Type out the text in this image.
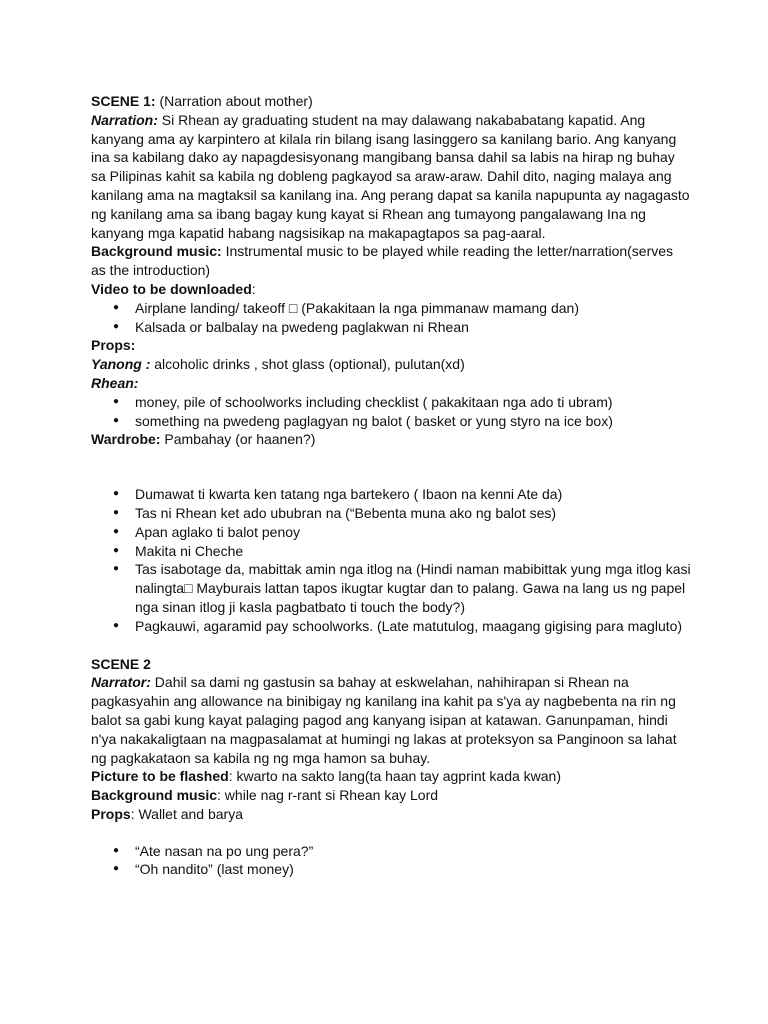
SCENE 1: (Narration about mother)

Narration: Si Rhean ay graduating student na may dalawang nakababatang kapatid. Ang kanyang ama ay karpintero at kilala rin bilang isang lasinggero sa kanilang bario. Ang kanyang ina sa kabilang dako ay napagdesisyonang mangibang bansa dahil sa labis na hirap ng buhay sa Pilipinas kahit sa kabila ng dobleng pagkayod sa araw-araw. Dahil dito, naging malaya ang kanilang ama na magtaksil sa kanilang ina. Ang perang dapat sa kanila napupunta ay nagagasto ng kanilang ama sa ibang bagay kung kayat si Rhean ang tumayong pangalawang Ina ng kanyang mga kapatid habang nagsisikap na makapagtapos sa pag-aaral.

Background music: Instrumental music to be played while reading the letter/narration(serves as the introduction)

Video to be downloaded:

● Airplane landing/ takeoff □ (Pakakitaan la nga pimmanaw mamang dan)
● Kalsada or balbalay na pwedeng paglakwan ni Rhean

Props:

Yanong : alcoholic drinks , shot glass (optional), pulutan(xd)

Rhean:

● money, pile of schoolworks including checklist ( pakakitaan nga ado ti ubram)
● something na pwedeng paglagyan ng balot ( basket or yung styro na ice box)

Wardrobe: Pambahay (or haanen?)

● Dumawat ti kwarta ken tatang nga bartekero ( Ibaon na kenni Ate da)
● Tas ni Rhean ket ado ububran na (“Bebenta muna ako ng balot ses)
● Apan aglako ti balot penoy
● Makita ni Cheche
● Tas isabotage da, mabittak amin nga itlog na (Hindi naman mabibittak yung mga itlog kasi nalingta□ Mayburais lattan tapos ikugtar kugtar dan to palang. Gawa na lang us ng papel nga sinan itlog ji kasla pagbatbato ti touch the body?)
● Pagkauwi, agaramid pay schoolworks. (Late matutulog, maagang gigising para magluto)

SCENE 2

Narrator: Dahil sa dami ng gastusin sa bahay at eskwelahan, nahihirapan si Rhean na pagkasyahin ang allowance na binibigay ng kanilang ina kahit pa s'ya ay nagbebenta na rin ng balot sa gabi kung kayat palaging pagod ang kanyang isipan at katawan. Ganunpaman, hindi n'ya nakakaligtaan na magpasalamat at humingi ng lakas at proteksyon sa Panginoon sa lahat ng pagkakataon sa kabila ng ng mga hamon sa buhay.

Picture to be flashed: kwarto na sakto lang(ta haan tay agprint kada kwan)

Background music: while nag r-rant si Rhean kay Lord

Props: Wallet and barya

● “Ate nasan na po ung pera?”
● “Oh nandito” (last money)
